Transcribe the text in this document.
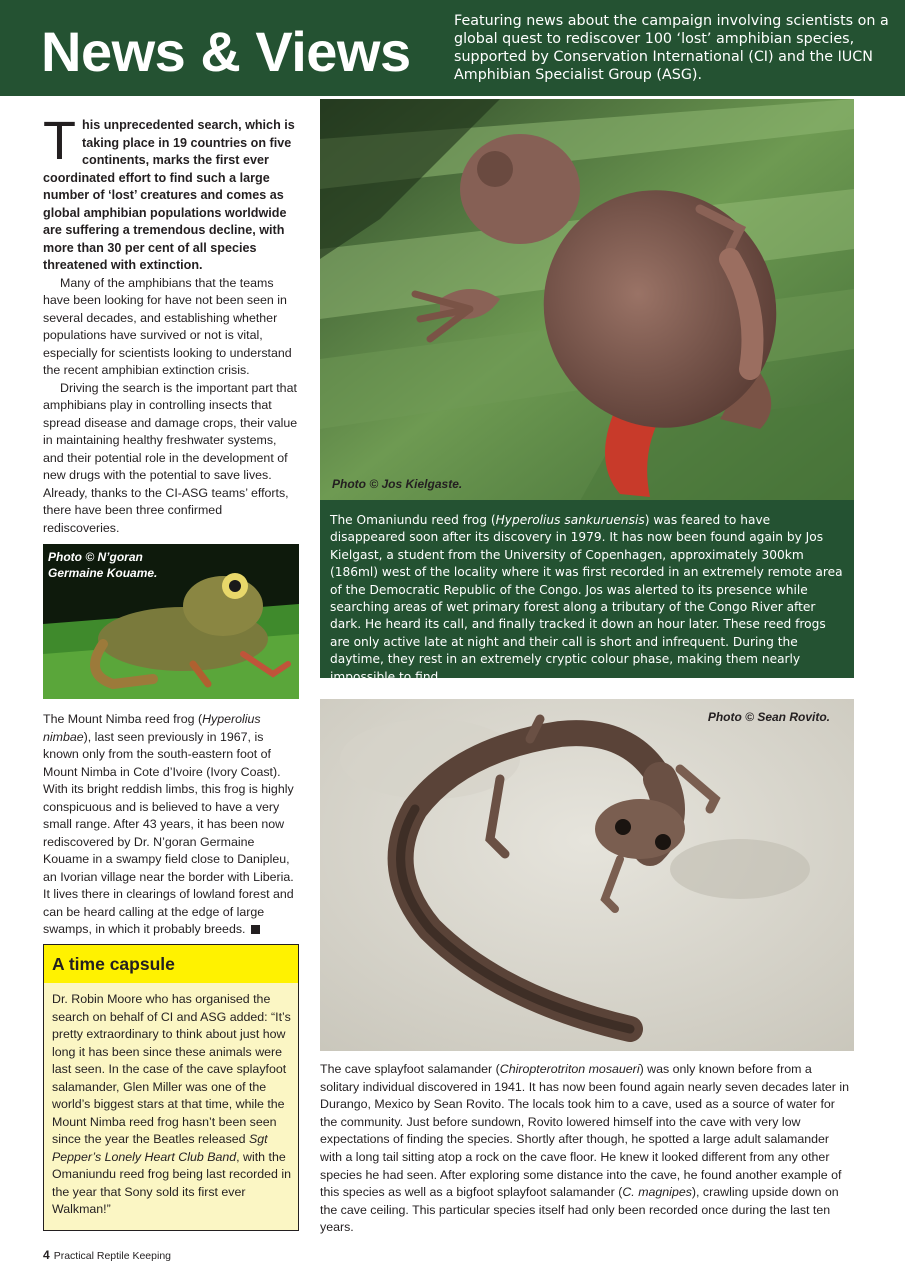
News & Views	Featuring news about the campaign involving scientists on a global quest to rediscover 100 ‘lost’ amphibian species, supported by Conservation International (CI) and the IUCN Amphibian Specialist Group (ASG).

This unprecedented search, which is taking place in 19 countries on five continents, marks the first ever coordinated effort to find such a large number of ‘lost’ creatures and comes as global amphibian populations worldwide are suffering a tremendous decline, with more than 30 per cent of all species threatened with extinction.

Many of the amphibians that the teams have been looking for have not been seen in several decades, and establishing whether populations have survived or not is vital, especially for scientists looking to understand the recent amphibian extinction crisis.

Driving the search is the important part that amphibians play in controlling insects that spread disease and damage crops, their value in maintaining healthy freshwater systems, and their potential role in the development of new drugs with the potential to save lives. Already, thanks to the CI-ASG teams’ efforts, there have been three confirmed rediscoveries.

Photo © Jos Kielgaste.

The Omaniundu reed frog (Hyperolius sankuruensis) was feared to have disappeared soon after its discovery in 1979. It has now been found again by Jos Kielgast, a student from the University of Copenhagen, approximately 300km (186ml) west of the locality where it was first recorded in an extremely remote area of the Democratic Republic of the Congo. Jos was alerted to its presence while searching areas of wet primary forest along a tributary of the Congo River after dark. He heard its call, and finally tracked it down an hour later. These reed frogs are only active late at night and their call is short and infrequent. During the daytime, they rest in an extremely cryptic colour phase, making them nearly impossible to find.

Photo © N’goran Germaine Kouame.

The Mount Nimba reed frog (Hyperolius nimbae), last seen previously in 1967, is known only from the south-eastern foot of Mount Nimba in Cote d’Ivoire (Ivory Coast). With its bright reddish limbs, this frog is highly conspicuous and is believed to have a very small range. After 43 years, it has been now rediscovered by Dr. N’goran Germaine Kouame in a swampy field close to Danipleu, an Ivorian village near the border with Liberia. It lives there in clearings of lowland forest and can be heard calling at the edge of large swamps, in which it probably breeds.

A time capsule

Dr. Robin Moore who has organised the search on behalf of CI and ASG added: “It’s pretty extraordinary to think about just how long it has been since these animals were last seen. In the case of the cave splayfoot salamander, Glen Miller was one of the world’s biggest stars at that time, while the Mount Nimba reed frog hasn’t been seen since the year the Beatles released Sgt Pepper’s Lonely Heart Club Band, with the Omaniundu reed frog being last recorded in the year that Sony sold its first ever Walkman!”

Photo © Sean Rovito.

The cave splayfoot salamander (Chiropterotriton mosaueri) was only known before from a solitary individual discovered in 1941. It has now been found again nearly seven decades later in Durango, Mexico by Sean Rovito. The locals took him to a cave, used as a source of water for the community. Just before sundown, Rovito lowered himself into the cave with very low expectations of finding the species. Shortly after though, he spotted a large adult salamander with a long tail sitting atop a rock on the cave floor. He knew it looked different from any other species he had seen. After exploring some distance into the cave, he found another example of this species as well as a bigfoot splayfoot salamander (C. magnipes), crawling upside down on the cave ceiling. This particular species itself had only been recorded once during the last ten years.

4 Practical Reptile Keeping
